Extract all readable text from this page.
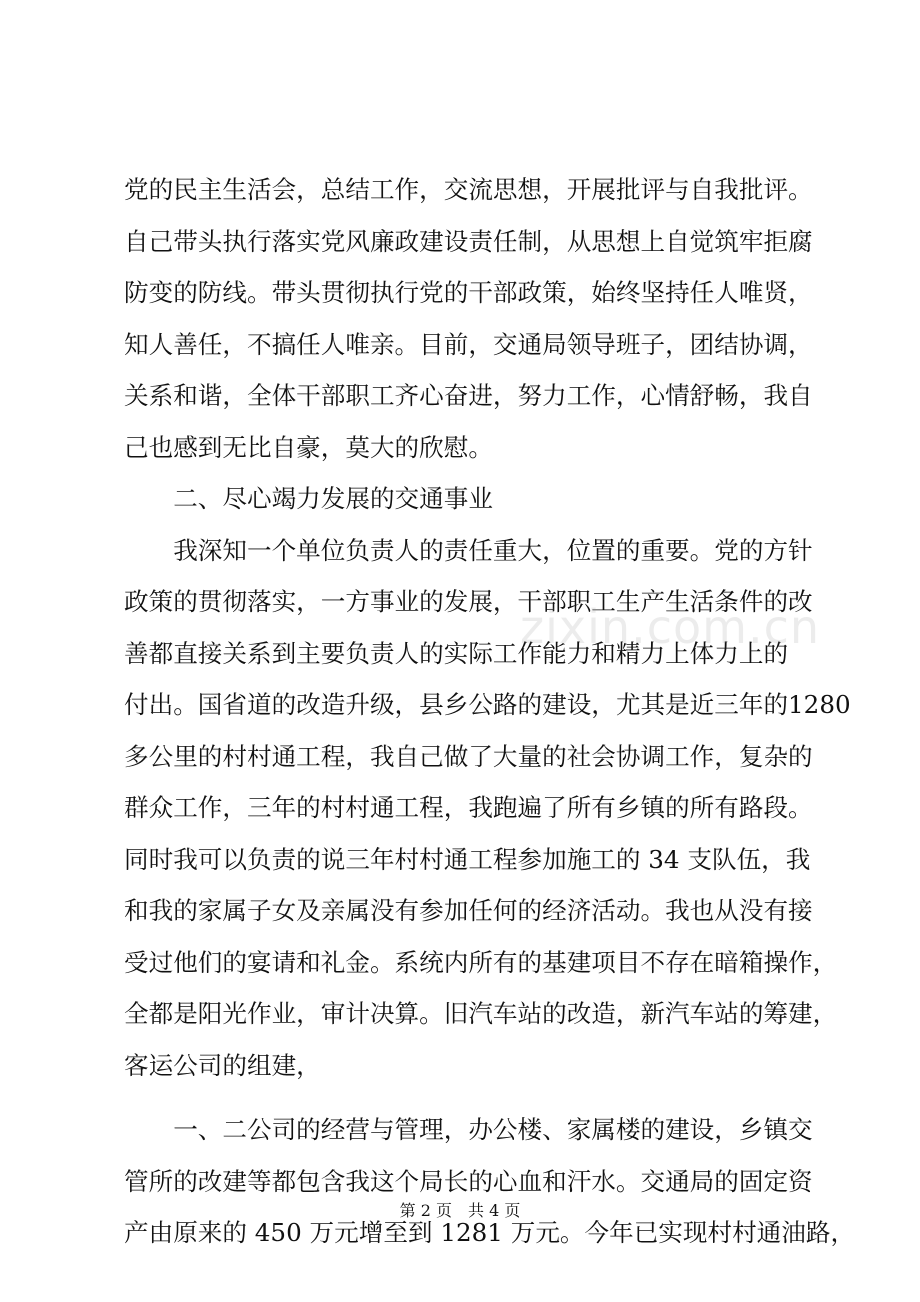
党的民主生活会，总结工作，交流思想，开展批评与自我批评。
自己带头执行落实党风廉政建设责任制，从思想上自觉筑牢拒腐
防变的防线。带头贯彻执行党的干部政策，始终坚持任人唯贤，
知人善任，不搞任人唯亲。目前，交通局领导班子，团结协调，
关系和谐，全体干部职工齐心奋进，努力工作，心情舒畅，我自
己也感到无比自豪，莫大的欣慰。
　　二、尽心竭力发展的交通事业
　　我深知一个单位负责人的责任重大，位置的重要。党的方针
政策的贯彻落实，一方事业的发展，干部职工生产生活条件的改
善都直接关系到主要负责人的实际工作能力和精力上体力上的
付出。国省道的改造升级，县乡公路的建设，尤其是近三年的1280
多公里的村村通工程，我自己做了大量的社会协调工作，复杂的
群众工作，三年的村村通工程，我跑遍了所有乡镇的所有路段。
同时我可以负责的说三年村村通工程参加施工的 34 支队伍，我
和我的家属子女及亲属没有参加任何的经济活动。我也从没有接
受过他们的宴请和礼金。系统内所有的基建项目不存在暗箱操作，
全都是阳光作业，审计决算。旧汽车站的改造，新汽车站的筹建，
客运公司的组建，
　　一、二公司的经营与管理，办公楼、家属楼的建设，乡镇交
管所的改建等都包含我这个局长的心血和汗水。交通局的固定资
产由原来的 450 万元增至到 1281 万元。今年已实现村村通油路，
zixin.com.cn
第 2 页　共 4 页
